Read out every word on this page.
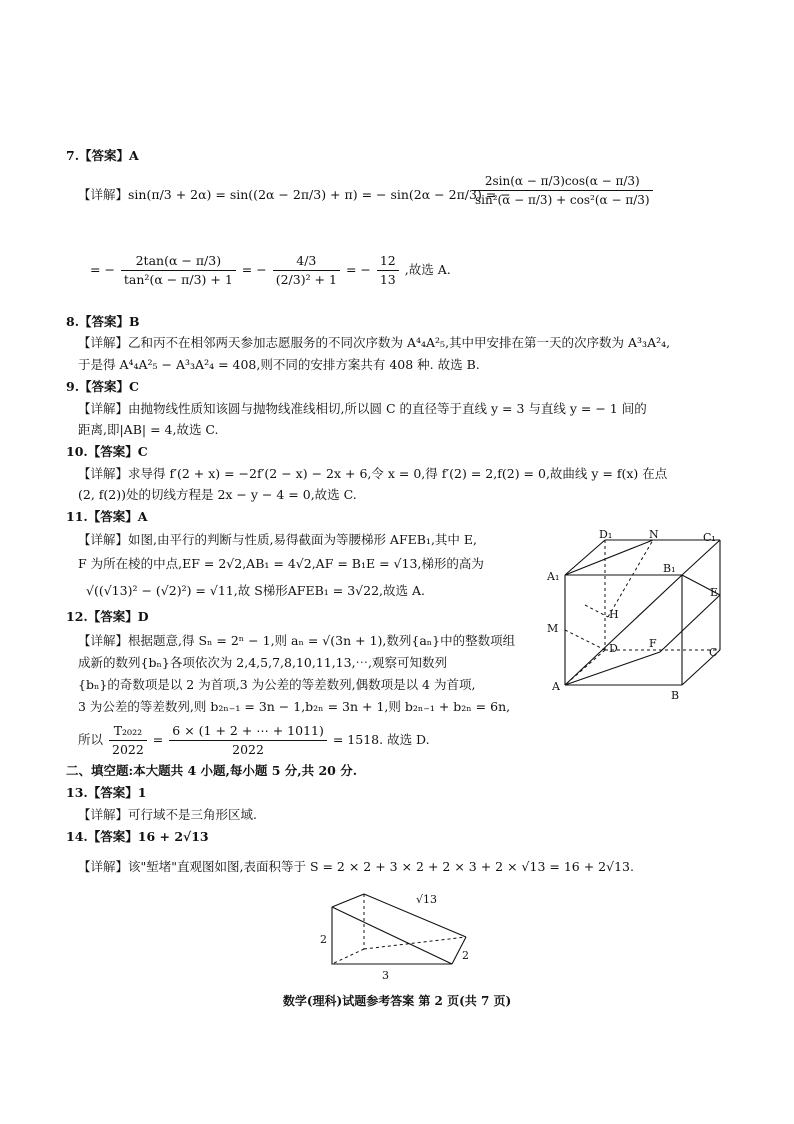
7.【答案】A
【详解】sin(π/3 + 2α) = sin((2α − 2π/3) + π) = − sin(2α − 2π/3) = −
$\frac{2\sin(\alpha - \pi/3)\cos(\alpha - \pi/3)}{\text{sin²(α − π/3) + cos²(α − π/3)}}$
= − $\frac{2\tan(\alpha - \pi/3)}{\text{tan²(α − π/3) + 1}}$ = − $\frac{4/3}{\text{(2/3)² + 1}}$ = − $\frac{12}{13}$ ,故选 A.
8.【答案】B
【详解】乙和丙不在相邻两天参加志愿服务的不同次序数为 A⁴₄A²₅,其中甲安排在第一天的次序数为 A³₃A²₄,
于是得 A⁴₄A²₅ − A³₃A²₄ = 408,则不同的安排方案共有 408 种. 故选 B.
9.【答案】C
【详解】由抛物线性质知该圆与抛物线准线相切,所以圆 C 的直径等于直线 y = 3 与直线 y = − 1 间的
距离,即|AB| = 4,故选 C.
10.【答案】C
【详解】求导得 f′(2 + x) = −2f′(2 − x) − 2x + 6,令 x = 0,得 f′(2) = 2,f(2) = 0,故曲线 y = f(x) 在点
(2, f(2))处的切线方程是 2x − y − 4 = 0,故选 C.
11.【答案】A
【详解】如图,由平行的判断与性质,易得截面为等腰梯形 AFEB₁,其中 E,
F 为所在棱的中点,EF = 2√2,AB₁ = 4√2,AF = B₁E = √13,梯形的高为
√((√13)² − (√2)²) = √11,故 S梯形AFEB₁ = 3√22,故选 A.
12.【答案】D
【详解】根据题意,得 Sₙ = 2ⁿ − 1,则 aₙ = √(3n + 1),数列{aₙ}中的整数项组
成新的数列{bₙ}各项依次为 2,4,5,7,8,10,11,13,⋯,观察可知数列
{bₙ}的奇数项是以 2 为首项,3 为公差的等差数列,偶数项是以 4 为首项,
3 为公差的等差数列,则 b₂ₙ₋₁ = 3n − 1,b₂ₙ = 3n + 1,则 b₂ₙ₋₁ + b₂ₙ = 6n,
所以 $\frac{\text{T₂₀₂₂}}{2022} = \frac{6 \times (1 + 2 + \cdots + 1011)}{2022} = 1518$. 故选 D.
二、填空题:本大题共 4 小题,每小题 5 分,共 20 分.
13.【答案】1
【详解】可行域不是三角形区域.
14.【答案】16 + 2√13
【详解】该"堑堵"直观图如图,表面积等于 S = 2 × 2 + 3 × 2 + 2 × 3 + 2 × √13 = 16 + 2√13.
D₁	N	C₁
A₁
B₁
E
M
H
D	F
C
A
B
√13
2
2
3
数学(理科)试题参考答案 第 2 页(共 7 页)
